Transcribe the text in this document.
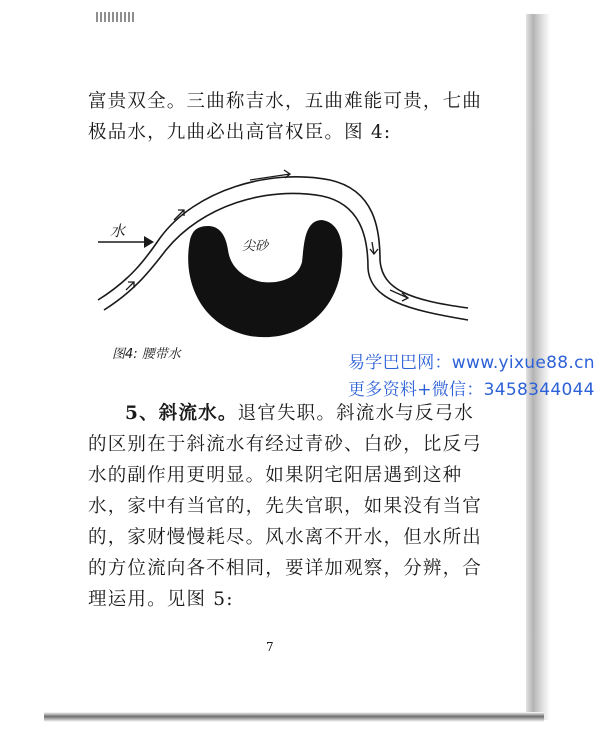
富贵双全。三曲称吉水，五曲难能可贵，七曲
极品水，九曲必出高官权臣。图 4:
水
尖砂
图4: 腰带水	易学巴巴网：www.yixue88.cn
更多资料+微信：3458344044
5、斜流水。退官失职。斜流水与反弓水
的区别在于斜流水有经过青砂、白砂，比反弓
水的副作用更明显。如果阴宅阳居遇到这种
水，家中有当官的，先失官职，如果没有当官
的，家财慢慢耗尽。风水离不开水，但水所出
的方位流向各不相同，要详加观察，分辨，合
理运用。见图 5:
7
